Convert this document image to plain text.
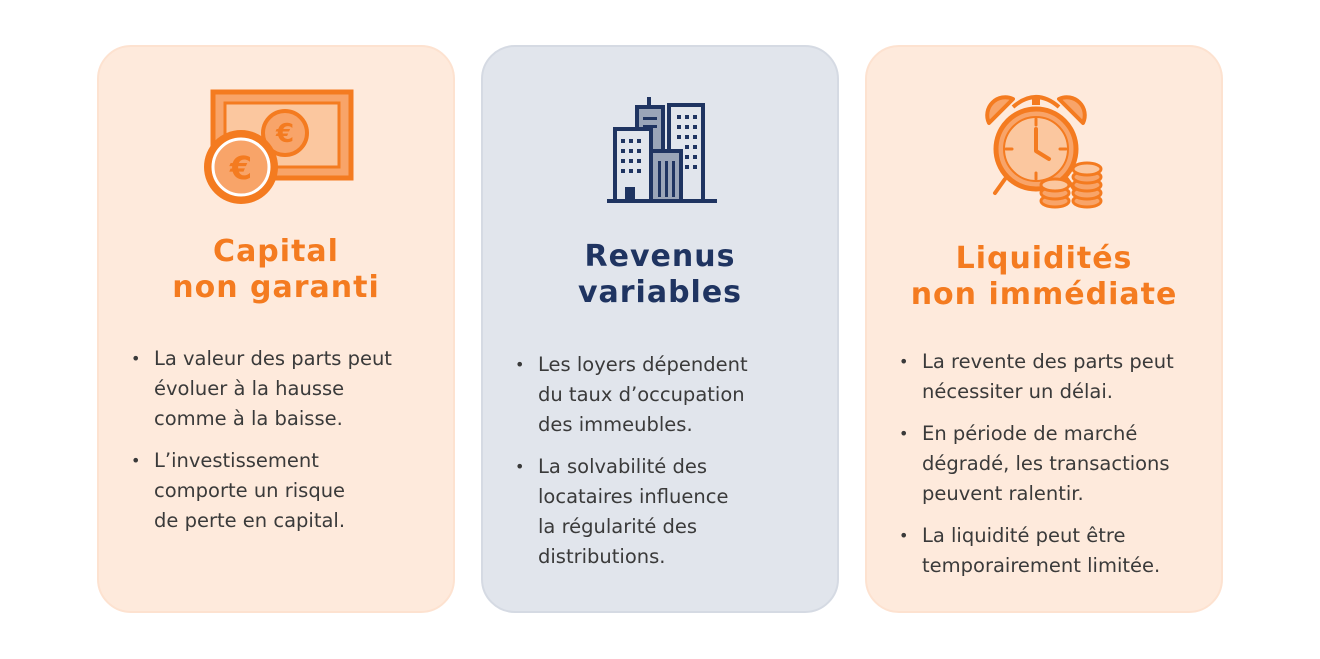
€
€
Capital
non garanti
• La valeur des parts peut
évoluer à la hausse
comme à la baisse.
• L’investissement
comporte un risque
de perte en capital.
Revenus
variables
• Les loyers dépendent
du taux d’occupation
des immeubles.
• La solvabilité des
locataires influence
la régularité des
distributions.
Liquidités
non immédiate
• La revente des parts peut
nécessiter un délai.
• En période de marché
dégradé, les transactions
peuvent ralentir.
• La liquidité peut être
temporairement limitée.
